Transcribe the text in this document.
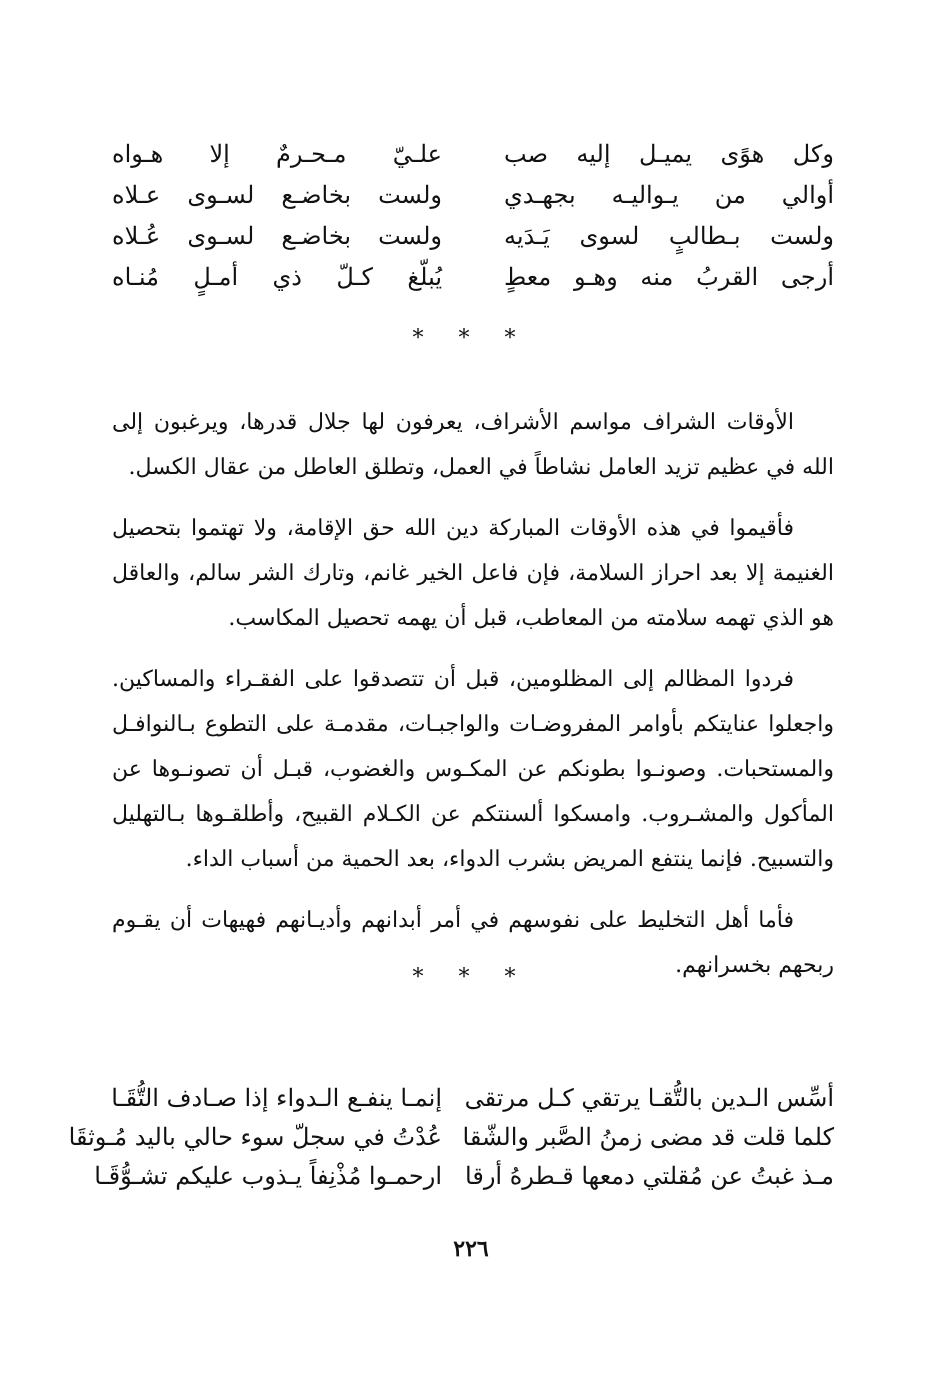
وكل هوًى يميـل إليه صب
علـيّ مـحـرمٌ إلا هـواه
أوالي من يـواليـه بجهـدي
ولست بخاضـع لسـوى عـلاه
ولست بـطالبٍ لسوى يَـدَيه
ولست بخاضـع لسـوى عُـلاه
أرجى القربُ منه وهـو معطٍ
يُبلّغ كـلّ ذي أمـلٍ مُنـاه
* * *

الأوقات الشراف مواسم الأشراف، يعرفون لها جلال قدرها، ويرغبون إلى الله في عظيم تزيد العامل نشاطاً في العمل، وتطلق العاطل من عقال الكسل.

فأقيموا في هذه الأوقات المباركة دين الله حق الإقامة، ولا تهتموا بتحصيل الغنيمة إلا بعد احراز السلامة، فإن فاعل الخير غانم، وتارك الشر سالم، والعاقل هو الذي تهمه سلامته من المعاطب، قبل أن يهمه تحصيل المكاسب.

فردوا المظالم إلى المظلومين، قبل أن تتصدقوا على الفقـراء والمساكين. واجعلوا عنايتكم بأوامر المفروضـات والواجبـات، مقدمـة على التطوع بـالنوافـل والمستحبات. وصونـوا بطونكم عن المكـوس والغضوب، قبـل أن تصونـوها عن المأكول والمشـروب. وامسكوا ألسنتكم عن الكـلام القبيح، وأطلقـوها بـالتهليل والتسبيح. فإنما ينتفع المريض بشرب الدواء، بعد الحمية من أسباب الداء.

فأما أهل التخليط على نفوسهم في أمر أبدانهم وأديـانهم فهيهات أن يقـوم ربحهم بخسرانهم.

* * *
أسِّس الـدين بالتُّقـا يرتقي كـل مرتقى
إنمـا ينفـع الـدواء إذا صـادف التُّقَـا
كلما قلت قد مضى زمنُ الصَّبر والشّقا
عُدْتُ في سجلّ سوء حالي باليد مُـوثقَا
مـذ غبتُ عن مُقلتي دمعها قـطرهُ أرقا
ارحمـوا مُذْنِفاً يـذوب عليكم تشـوُّقَـا
٢٢٦
